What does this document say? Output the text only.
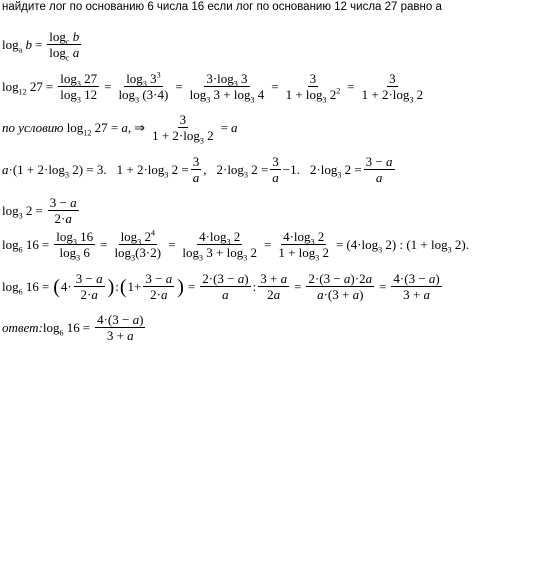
найдите лог по основанию 6 числа 16 если лог по основанию 12 числа 27 равно а
$\log_a b = \frac{\log_c b}{\log_c a}$
$\log_{12} 27 = \frac{\log_3 27}{\log_3 12} = \frac{\log_3 3^3}{\log_3 (3\cdot 4)} = \frac{3\cdot\log_3 3}{\log_3 3 + \log_3 4} = \frac{3}{1 + \log_3 2^2} = \frac{3}{1 + 2\cdot\log_3 2}$
по условию $\log_{12} 27 = a$, ⇒ $\frac{3}{1 + 2\cdot\log_3 2} = a$
$a\cdot(1 + 2\cdot\log_3$ 2) = 3. $1 + 2\cdot\log_3$ $2 = \frac{3}{a}$ , $2\cdot\log_3$ $2 = \frac{3}{a} -1$. $2\cdot\log_3$ $2 = \frac{3 - a}{a}$
$\log_3 2 = \frac{3 - a}{2\cdot a}$
$\log_6 16 = \frac{\log_3 16}{\log_3 6} = \frac{\log_3 2^4}{\log_3(3\cdot 2)} = \frac{4\cdot\log_3 2}{\log_3 3 + \log_3 2} = \frac{4\cdot\log_3 2}{1 + \log_3 2} = (4\cdot\log_3$ 2) : $(1 + \log_3 2)$.
$\log_6 16$ = ( $4\cdot \frac{3 - a}{2\cdot a}$ ) : ( $1+ \frac{3 - a}{2\cdot a}$ ) = $\frac{2\cdot(3 - a)}{a}$ : $\frac{3 + a}{2a} = \frac{2\cdot(3 - a)\cdot 2a}{a\cdot(3 + a)} = \frac{4\cdot(3 - a)}{3 + a}$
ответ: $\log_6 16 = \frac{4\cdot(3 - a)}{3 + a}$
